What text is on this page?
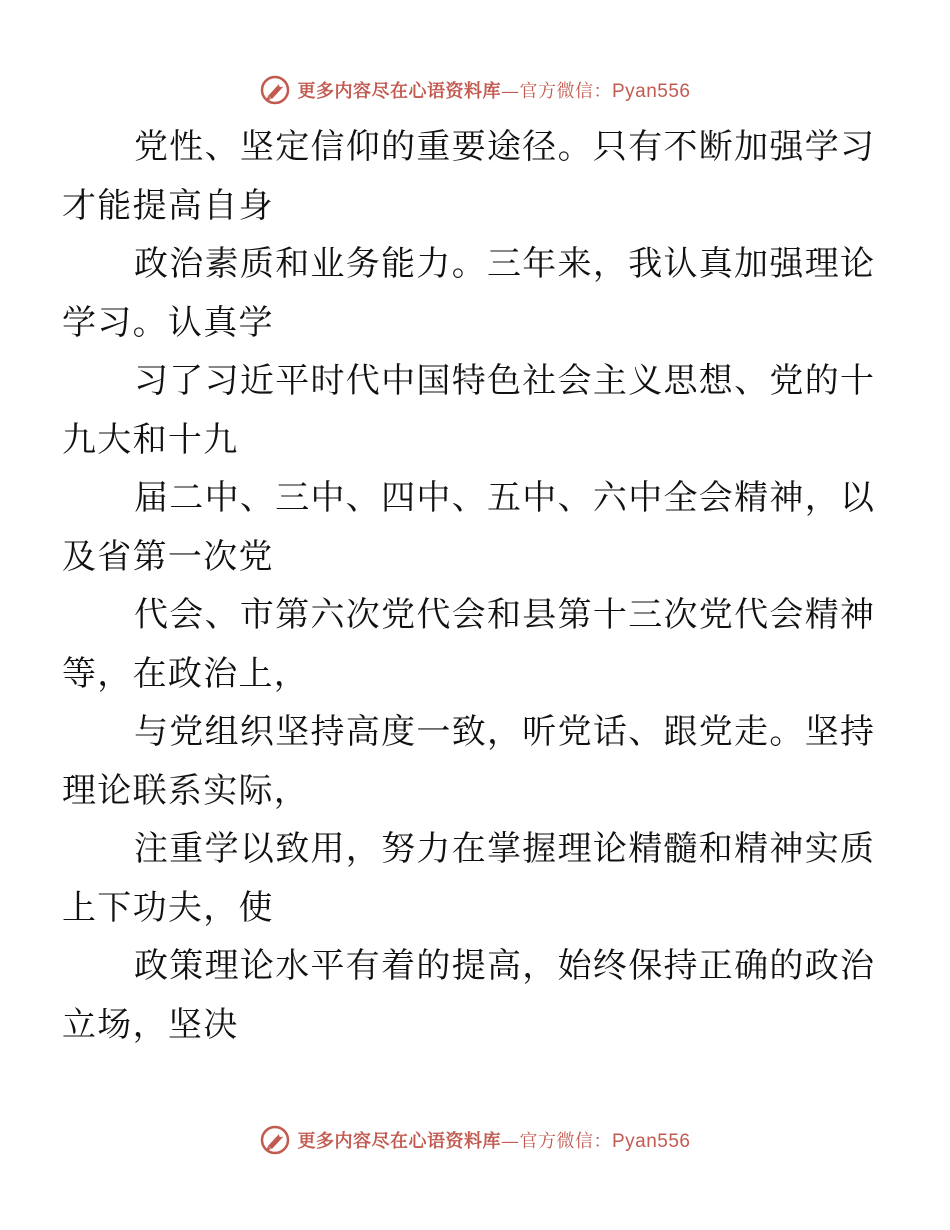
更多内容尽在心语资料库—官方微信：Pyan556

党性、坚定信仰的重要途径。只有不断加强学习
才能提高自身

政治素质和业务能力。三年来，我认真加强理论
学习。认真学

习了习近平时代中国特色社会主义思想、党的十
九大和十九

届二中、三中、四中、五中、六中全会精神，以
及省第一次党

代会、市第六次党代会和县第十三次党代会精神
等，在政治上，

与党组织坚持高度一致，听党话、跟党走。坚持
理论联系实际，

注重学以致用，努力在掌握理论精髓和精神实质
上下功夫，使

政策理论水平有着的提高，始终保持正确的政治
立场，坚决

更多内容尽在心语资料库—官方微信：Pyan556
